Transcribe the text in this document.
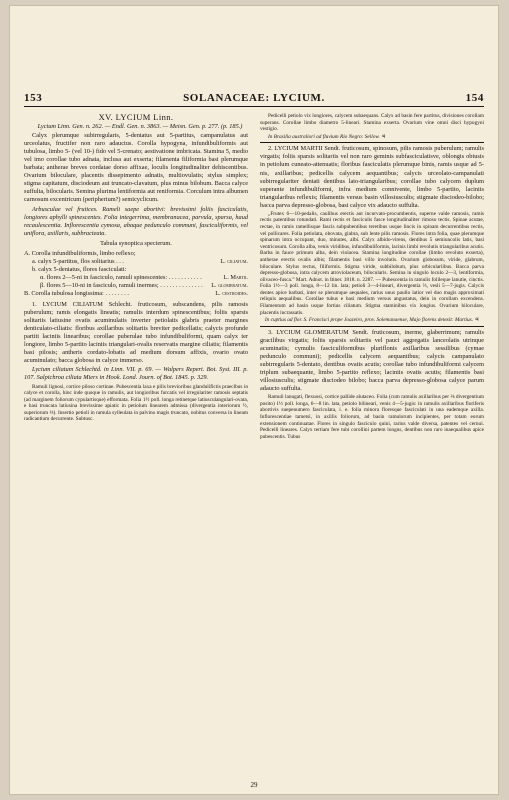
153	SOLANACEAE: LYCIUM.	154
XV. LYCIUM Linn.

Lycium Linn. Gen. n. 262. — Endl. Gen. n. 3863. — Meisn. Gen. p. 277. (p. 185.)

Calyx plerumque subirregularis, 5-dentatus aut 5-partitus, campanulatus aut urceolatus, fructifer non raro adauctus. Corolla hypogyna, infundibuliformis aut tubulosa, limbo 5- (vel 10-) fido vel 5-crenato; aestivatione imbricata. Stamina 5, medio vel imo corollae tubo adnata, inclusa aut exserta; filamenta filiformia basi plerumque barbata; antherae breves cordatae dorso affixae, loculis longitudinaliter dehiscentibus. Ovarium biloculare, placentis dissepimento adnatis, multiovulatis; stylus simplex; stigma capitatum, disciodeum aut truncato-clavatum, plus minus bilobum. Bacca calyce suffulta, bilocularis. Semina plurima lentiformia aut reniformia. Corculum intra albumen carnosum excentricum (peripherium?) semicyclicum.

Arbusculae vel frutices. Rameli saepe abortivi: brevissimi foliis fasciculatis, longiores aphylli spinescentes. Folia integerrima, membranacea, parvula, sparsa, haud recaulescentia. Inflorescentia cymosa, abaque pedunculo communi, fasciculiformis, vel uniflora, axillaris, subbracteata.

Tabula synoptica specierum.

A. Corolla infundibuliformis, limbo reflexo;
a. calyx 5-partitus, flos solitarius . . .	L. ciliatum.
b. calyx 5-dentatus, flores fasciculati:
α. flores 2—5-ni in fasciculo, ramuli spinescentes: . . . . . . . . . . .	L. Martii.
β. flores 5—10-ni in fasciculo, ramuli inermes; . . . . . . . . . . . . . . L. glomeratum.
B. Corolla tubulosa longissima: . . . . . . . .	L. cestroides.

1. LYCIUM CILIATUM Schlecht. fruticosum, subscandens, pilis ramosis puberulum; ramis elongatis lineatis; ramulis interdum spinescentibus; foliis sparsis solitariis latiusine ovatis acuminulatis inverter petiolatis glabris praeter margines denticulato-ciliatis: floribus axillaribus solitariis breviter pedicellatis; calycis profunde partiti laciniis linearibus; corollae puberulae tubo infundibuliformi, quam calyx ter longiore, limbo 5-partito laciniis triangulari-ovalis reservatis margine ciliatis; filamentis basi pilosis; antheris cordato-lobatis ad medium dorsum affixis, ovario ovato acuminulato; bacca globosa in calyce immerso.

Lycium ciliatum Schlechtd. in Linn. VII. p. 69. — Walpers Repert. Bot. Syst. III. p. 107. Salpichroa ciliata Miers in Hook. Lond. Journ. of Bot. 1845. p. 329.

Ramuli lignosi, cortice piloso cortinae. Pubescentia laxa e pilis brevioribus glandulifictis praeclbus in calyce et corolla, hinc inde quoque in ramulis, aut longioribus furcatis vel irregulariter ramosis septatis (ad marginem foliorum cypulartisque) efformata. Folia 1½ poll. longa retinetque latiusculangulari-ovata, e basi truncata latiusina brevissime apiatic in petiolum linearem admissa (divergentia interiorum ½, superiorum ⅓). Insertio petioli in ramula sylleulata in palvino magis truncato, nobitus conversa in lineam radicantium decurrente. Subtusc.

Pedicelli petiolo vix longiores, calycem subaequans. Calyx ad basin fere partitus, divisiones corollam superans. Corollae limbo diametro 5-lineari. Stamina exserta. Ovarium vine omni disci hypogyni vestigio.

In Brasilia australiori ad fluvium Rio Negro: Sellow. ♃

2. LYCIUM MARTII Sendt. fruticosum, spinosum, pilis ramosis puberulum; ramulis virgatis; foliis sparsis solitariis vel non raro geminis subfasciculatisve, oblongis obtusis in petiolum cuneato-attenuatis; floribus fasciculatis plerumque binis, ramis usque ad 5-nis, axillaribus; pedicellis calycem aequantibus; calycis urceolato-campanulati subirregulariter dentati dentibus lato-triangularibus; corollae tubo calycem duplum superante infundibuliformi, infra medium connivente, limbo 5-partito, laciniis triangularibus reflexis; filamentis versus basin villosiusculis; stigmate disciodeo-bilobo; bacca parva depresso-globosa, basi calyce vix adaucto suffulta.

„Frutex 6—10-pedalis, caulibus erectis aut incurvato-procumbentis, superne valde ramosis, ramis rectis patentibus rotundati. Rami rectis et fasciculis fasce longitudinaliter rimoso tectis. Spinae acutae, rectae, in ramis ramellisque fascis subpubentibus teretibus usque lincis in spinam decurrentibus rectis, vel pollicares. Folia petiolata, obovata, glabra, sub lente pilis ramosis. Flores intra folia, quae plerumque spinarum intra occupant, duo, minutes, albi. Calyx albido-virens, dentibus 5 semiuncolis latis, basi ventricosum. Corolla alba, venis viridibus, infundibuliformis, lacinis limbi revolutis triangularibus acutis. Barba in fauce primum alba, dein violacea. Stamina longitudine corollae (limbo revoluto exserta), antherae erectis ovalis albis; filamentis basi villo involutis. Ovarium globosum, viride, glabrum, biloculare. Stylus rectus, filiformis. Stigma viride, subbilobum, plus orbiculariibus. Bacca parva depresso-globosa, intra calycem atroviolaceum, bilocularis. Semina in singulo loculo 2—3, lentiformia, olivaceo-fusca.” Mart. Adnot. in Itiner. 1818. n. 2287. — Pubescentia in ramulis folileque lanutie, cinctis. Folia 1½—3 poll. longa, 8—12 lin. lata; petioli 3—4-lineari, divergentia ⅔, vesli 5—7-jugis. Calycis dentes apice barbati, inter se plerumque aequales, rarius unus paullo latior vel duo magis approximati reliquis aequalibus. Corollae tubus e basi medium versus angustatus, dein in corollam excendens. Filamentum ad basin usque fortius ciliatum. Stigma staminibus vix longius. Ovarium biloculare, placentis incrassatis.

In cuptius ad flor. S. Francisci prope Joazeiro, prov. Solemanaense, Majo florens detexit: Martius. ♃

3. LYCIUM GLOMERATUM Sendt. fruticosum, inerme, glaberrimum; ramulis gracilibus virgatis; foliis sparsis solitariis vel pauci aggregatis lanceolatis utrinque acuminatis; cymulis fasciculiformibus pluriflonis axillaribus sessilibus (cymae pedunculo communi); pedicellis calycem aequantibus; calycis campanulato subirregularis 5-dentato, dentibus ovatis acutis; corollae tubo infundibuliformi calycem triplum subaequante, limbo 5-partito reflexo; laciniis ovatis acutis; filamentis basi villosiusculis; stigmate disciodeo bilobo; bacca parva depresso-globosa calyce parum adaucto suffulta.

Ramuli lanugati, flexuosi, cortice pallide alutaceo. Folia (cum ramulis axillaribus per ⅛ divergentium posito) 1½ poll. longa, 6—8 lin. lata, petiolo bilineari, venis 4—5-jugis: in ramulis axillaribus floriferis abortivis suepenumero fasciculata, i. e. folia minora floresque fasciculati in una eademque axilla. Inflorescentiae tametsi, in axillis foliorum, ad basin ramulorum incipientes, per totam eorum extensionem continuatae. Flores in singulo fasciculo quini, rarius valde diversa, patentes vel cernui. Pedicelli lineares. Calyx tertiam fere tubi corollini partem longus, dentibus non raro inaequalibus apice pubescentis. Tubus

29
